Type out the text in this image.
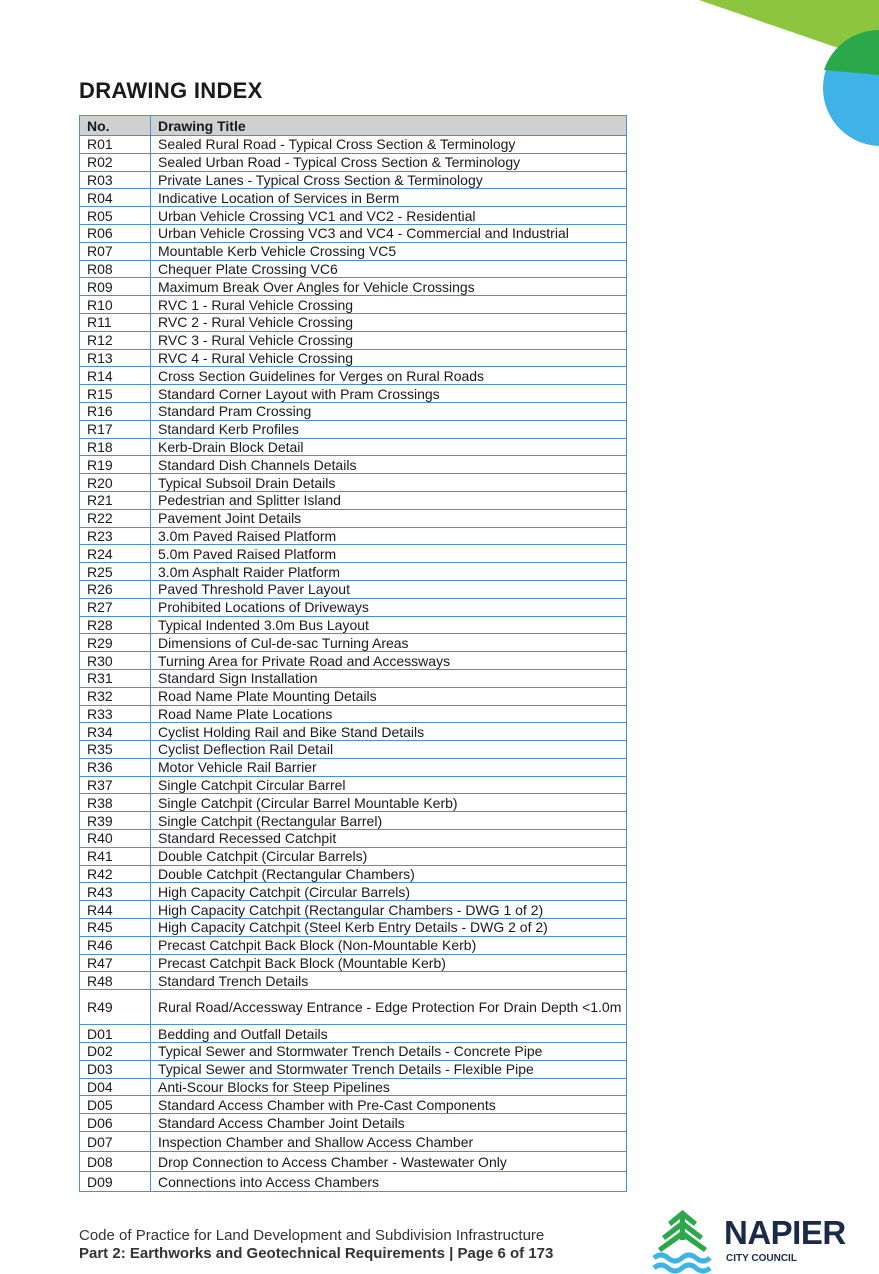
DRAWING INDEX
No.	Drawing Title
R01	Sealed Rural Road - Typical Cross Section & Terminology
R02	Sealed Urban Road - Typical Cross Section & Terminology
R03	Private Lanes - Typical Cross Section & Terminology
R04	Indicative Location of Services in Berm
R05	Urban Vehicle Crossing VC1 and VC2 - Residential
R06	Urban Vehicle Crossing VC3 and VC4 - Commercial and Industrial
R07	Mountable Kerb Vehicle Crossing VC5
R08	Chequer Plate Crossing VC6
R09	Maximum Break Over Angles for Vehicle Crossings
R10	RVC 1 - Rural Vehicle Crossing
R11	RVC 2 - Rural Vehicle Crossing
R12	RVC 3 - Rural Vehicle Crossing
R13	RVC 4 - Rural Vehicle Crossing
R14	Cross Section Guidelines for Verges on Rural Roads
R15	Standard Corner Layout with Pram Crossings
R16	Standard Pram Crossing
R17	Standard Kerb Profiles
R18	Kerb-Drain Block Detail
R19	Standard Dish Channels Details
R20	Typical Subsoil Drain Details
R21	Pedestrian and Splitter Island
R22	Pavement Joint Details
R23	3.0m Paved Raised Platform
R24	5.0m Paved Raised Platform
R25	3.0m Asphalt Raider Platform
R26	Paved Threshold Paver Layout
R27	Prohibited Locations of Driveways
R28	Typical Indented 3.0m Bus Layout
R29	Dimensions of Cul-de-sac Turning Areas
R30	Turning Area for Private Road and Accessways
R31	Standard Sign Installation
R32	Road Name Plate Mounting Details
R33	Road Name Plate Locations
R34	Cyclist Holding Rail and Bike Stand Details
R35	Cyclist Deflection Rail Detail
R36	Motor Vehicle Rail Barrier
R37	Single Catchpit Circular Barrel
R38	Single Catchpit (Circular Barrel Mountable Kerb)
R39	Single Catchpit (Rectangular Barrel)
R40	Standard Recessed Catchpit
R41	Double Catchpit (Circular Barrels)
R42	Double Catchpit (Rectangular Chambers)
R43	High Capacity Catchpit (Circular Barrels)
R44	High Capacity Catchpit (Rectangular Chambers - DWG 1 of 2)
R45	High Capacity Catchpit (Steel Kerb Entry Details - DWG 2 of 2)
R46	Precast Catchpit Back Block (Non-Mountable Kerb)
R47	Precast Catchpit Back Block (Mountable Kerb)
R48	Standard Trench Details
R49	Rural Road/Accessway Entrance - Edge Protection For Drain Depth <1.0m
D01	Bedding and Outfall Details
D02	Typical Sewer and Stormwater Trench Details - Concrete Pipe
D03	Typical Sewer and Stormwater Trench Details - Flexible Pipe
D04	Anti-Scour Blocks for Steep Pipelines
D05	Standard Access Chamber with Pre-Cast Components
D06	Standard Access Chamber Joint Details
D07	Inspection Chamber and Shallow Access Chamber
D08	Drop Connection to Access Chamber - Wastewater Only
D09	Connections into Access Chambers
Code of Practice for Land Development and Subdivision Infrastructure
Part 2: Earthworks and Geotechnical Requirements | Page 6 of 173
NAPIER
CITY COUNCIL
